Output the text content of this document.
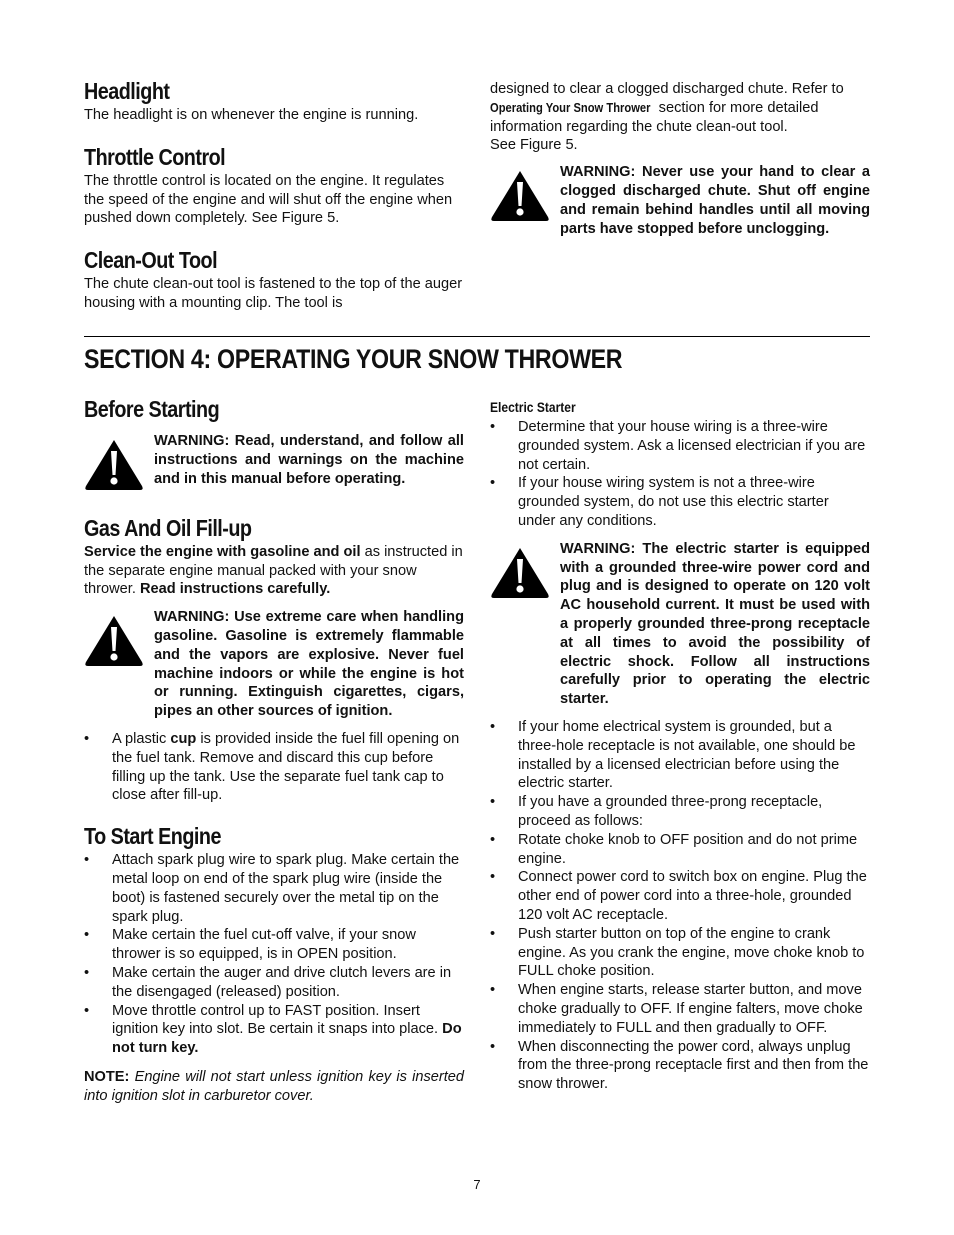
Headlight

The headlight is on whenever the engine is running.

Throttle Control

The throttle control is located on the engine. It regulates the speed of the engine and will shut off the engine when pushed down completely. See Figure 5.

Clean-Out Tool

The chute clean-out tool is fastened to the top of the auger housing with a mounting clip. The tool is

designed to clear a clogged discharged chute. Refer to
Operating Your Snow Thrower section for more detailed information regarding the chute clean-out tool.
See Figure 5.

WARNING: Never use your hand to clear a clogged discharged chute. Shut off engine and remain behind handles until all moving parts have stopped before unclogging.
SECTION 4: OPERATING YOUR SNOW THROWER
Before Starting
WARNING: Read, understand, and follow all instructions and warnings on the machine and in this manual before operating.
Gas And Oil Fill-up

Service the engine with gasoline and oil as instructed in the separate engine manual packed with your snow thrower. Read instructions carefully.

WARNING: Use extreme care when handling gasoline. Gasoline is extremely flammable and the vapors are explosive. Never fuel machine indoors or while the engine is hot or running. Extinguish cigarettes, cigars, pipes an other sources of ignition.
• A plastic cup is provided inside the fuel fill opening on the fuel tank. Remove and discard this cup before filling up the tank. Use the separate fuel tank cap to close after fill-up.
To Start Engine
• Attach spark plug wire to spark plug. Make certain the metal loop on end of the spark plug wire (inside the boot) is fastened securely over the metal tip on the spark plug.
• Make certain the fuel cut-off valve, if your snow thrower is so equipped, is in OPEN position.
• Make certain the auger and drive clutch levers are in the disengaged (released) position.
• Move throttle control up to FAST position. Insert ignition key into slot. Be certain it snaps into place. Do not turn key.

NOTE: Engine will not start unless ignition key is inserted into ignition slot in carburetor cover.

Electric Starter
• Determine that your house wiring is a three-wire grounded system. Ask a licensed electrician if you are not certain.
• If your house wiring system is not a three-wire grounded system, do not use this electric starter under any conditions.
WARNING: The electric starter is equipped with a grounded three-wire power cord and plug and is designed to operate on 120 volt AC household current. It must be used with a properly grounded three-prong receptacle at all times to avoid the possibility of electric shock. Follow all instructions carefully prior to operating the electric starter.
• If your home electrical system is grounded, but a three-hole receptacle is not available, one should be installed by a licensed electrician before using the electric starter.
• If you have a grounded three-prong receptacle, proceed as follows:
• Rotate choke knob to OFF position and do not prime engine.
• Connect power cord to switch box on engine. Plug the other end of power cord into a three-hole, grounded 120 volt AC receptacle.
• Push starter button on top of the engine to crank engine. As you crank the engine, move choke knob to FULL choke position.
• When engine starts, release starter button, and move choke gradually to OFF. If engine falters, move choke immediately to FULL and then gradually to OFF.
• When disconnecting the power cord, always unplug from the three-prong receptacle first and then from the snow thrower.
7
